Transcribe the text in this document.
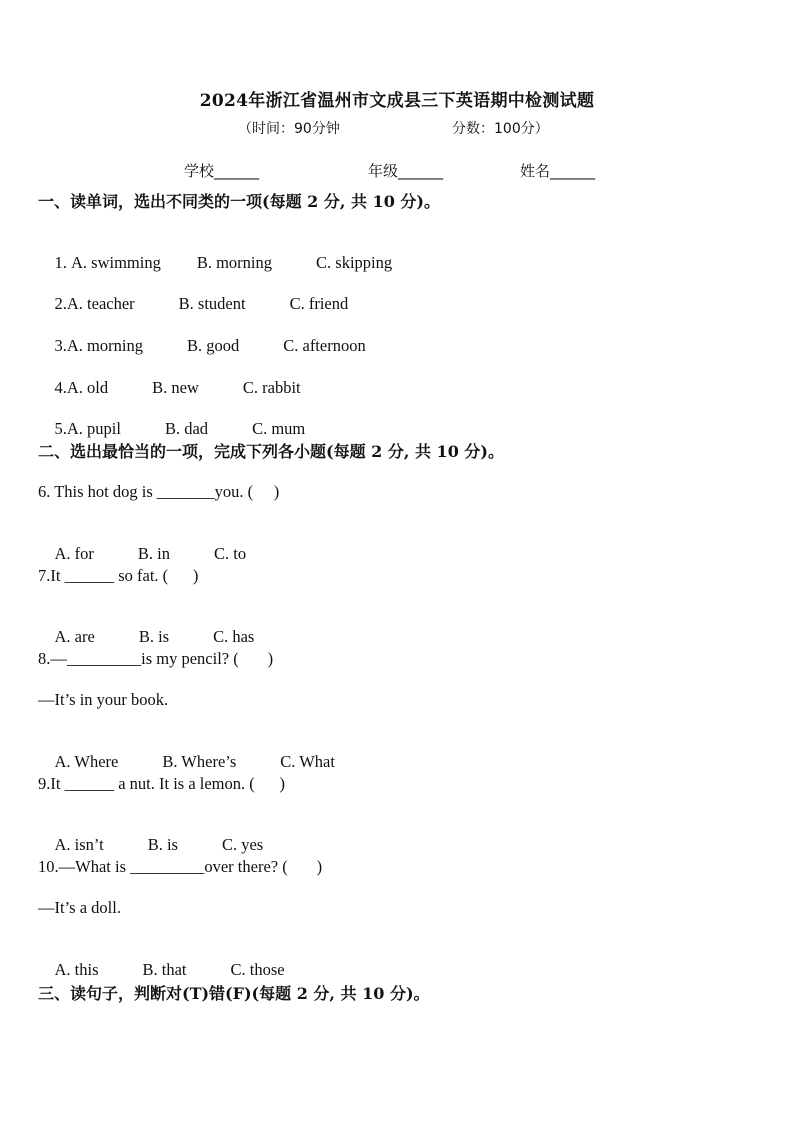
2024年浙江省温州市文成县三下英语期中检测试题
（时间：90分钟	分数：100分）
学校______	年级______	姓名______
一、读单词，选出不同类的一项(每题 2 分, 共 10 分)。

1. A. swimming B. morning	C. skipping

2.A. teacher	B. student	C. friend

3.A. morning	B. good	C. afternoon

4.A. old	B. new	C. rabbit

5.A. pupil	B. dad	C. mum

二、选出最恰当的一项，完成下列各小题(每题 2 分, 共 10 分)。
6. This hot dog is _______you. (     )

A. for	B. in	C. to

7.It ______ so fat. (      )

A. are	B. is	C. has

8.—_________is my pencil? (       )
—It’s in your book.

A. Where	B. Where’s	C. What

9.It ______ a nut. It is a lemon. (      )

A. isn’t	B. is	C. yes

10.—What is _________over there? (       )
—It’s a doll.

A. this	B. that	C. those

三、读句子，判断对(T)错(F)(每题 2 分, 共 10 分)。
